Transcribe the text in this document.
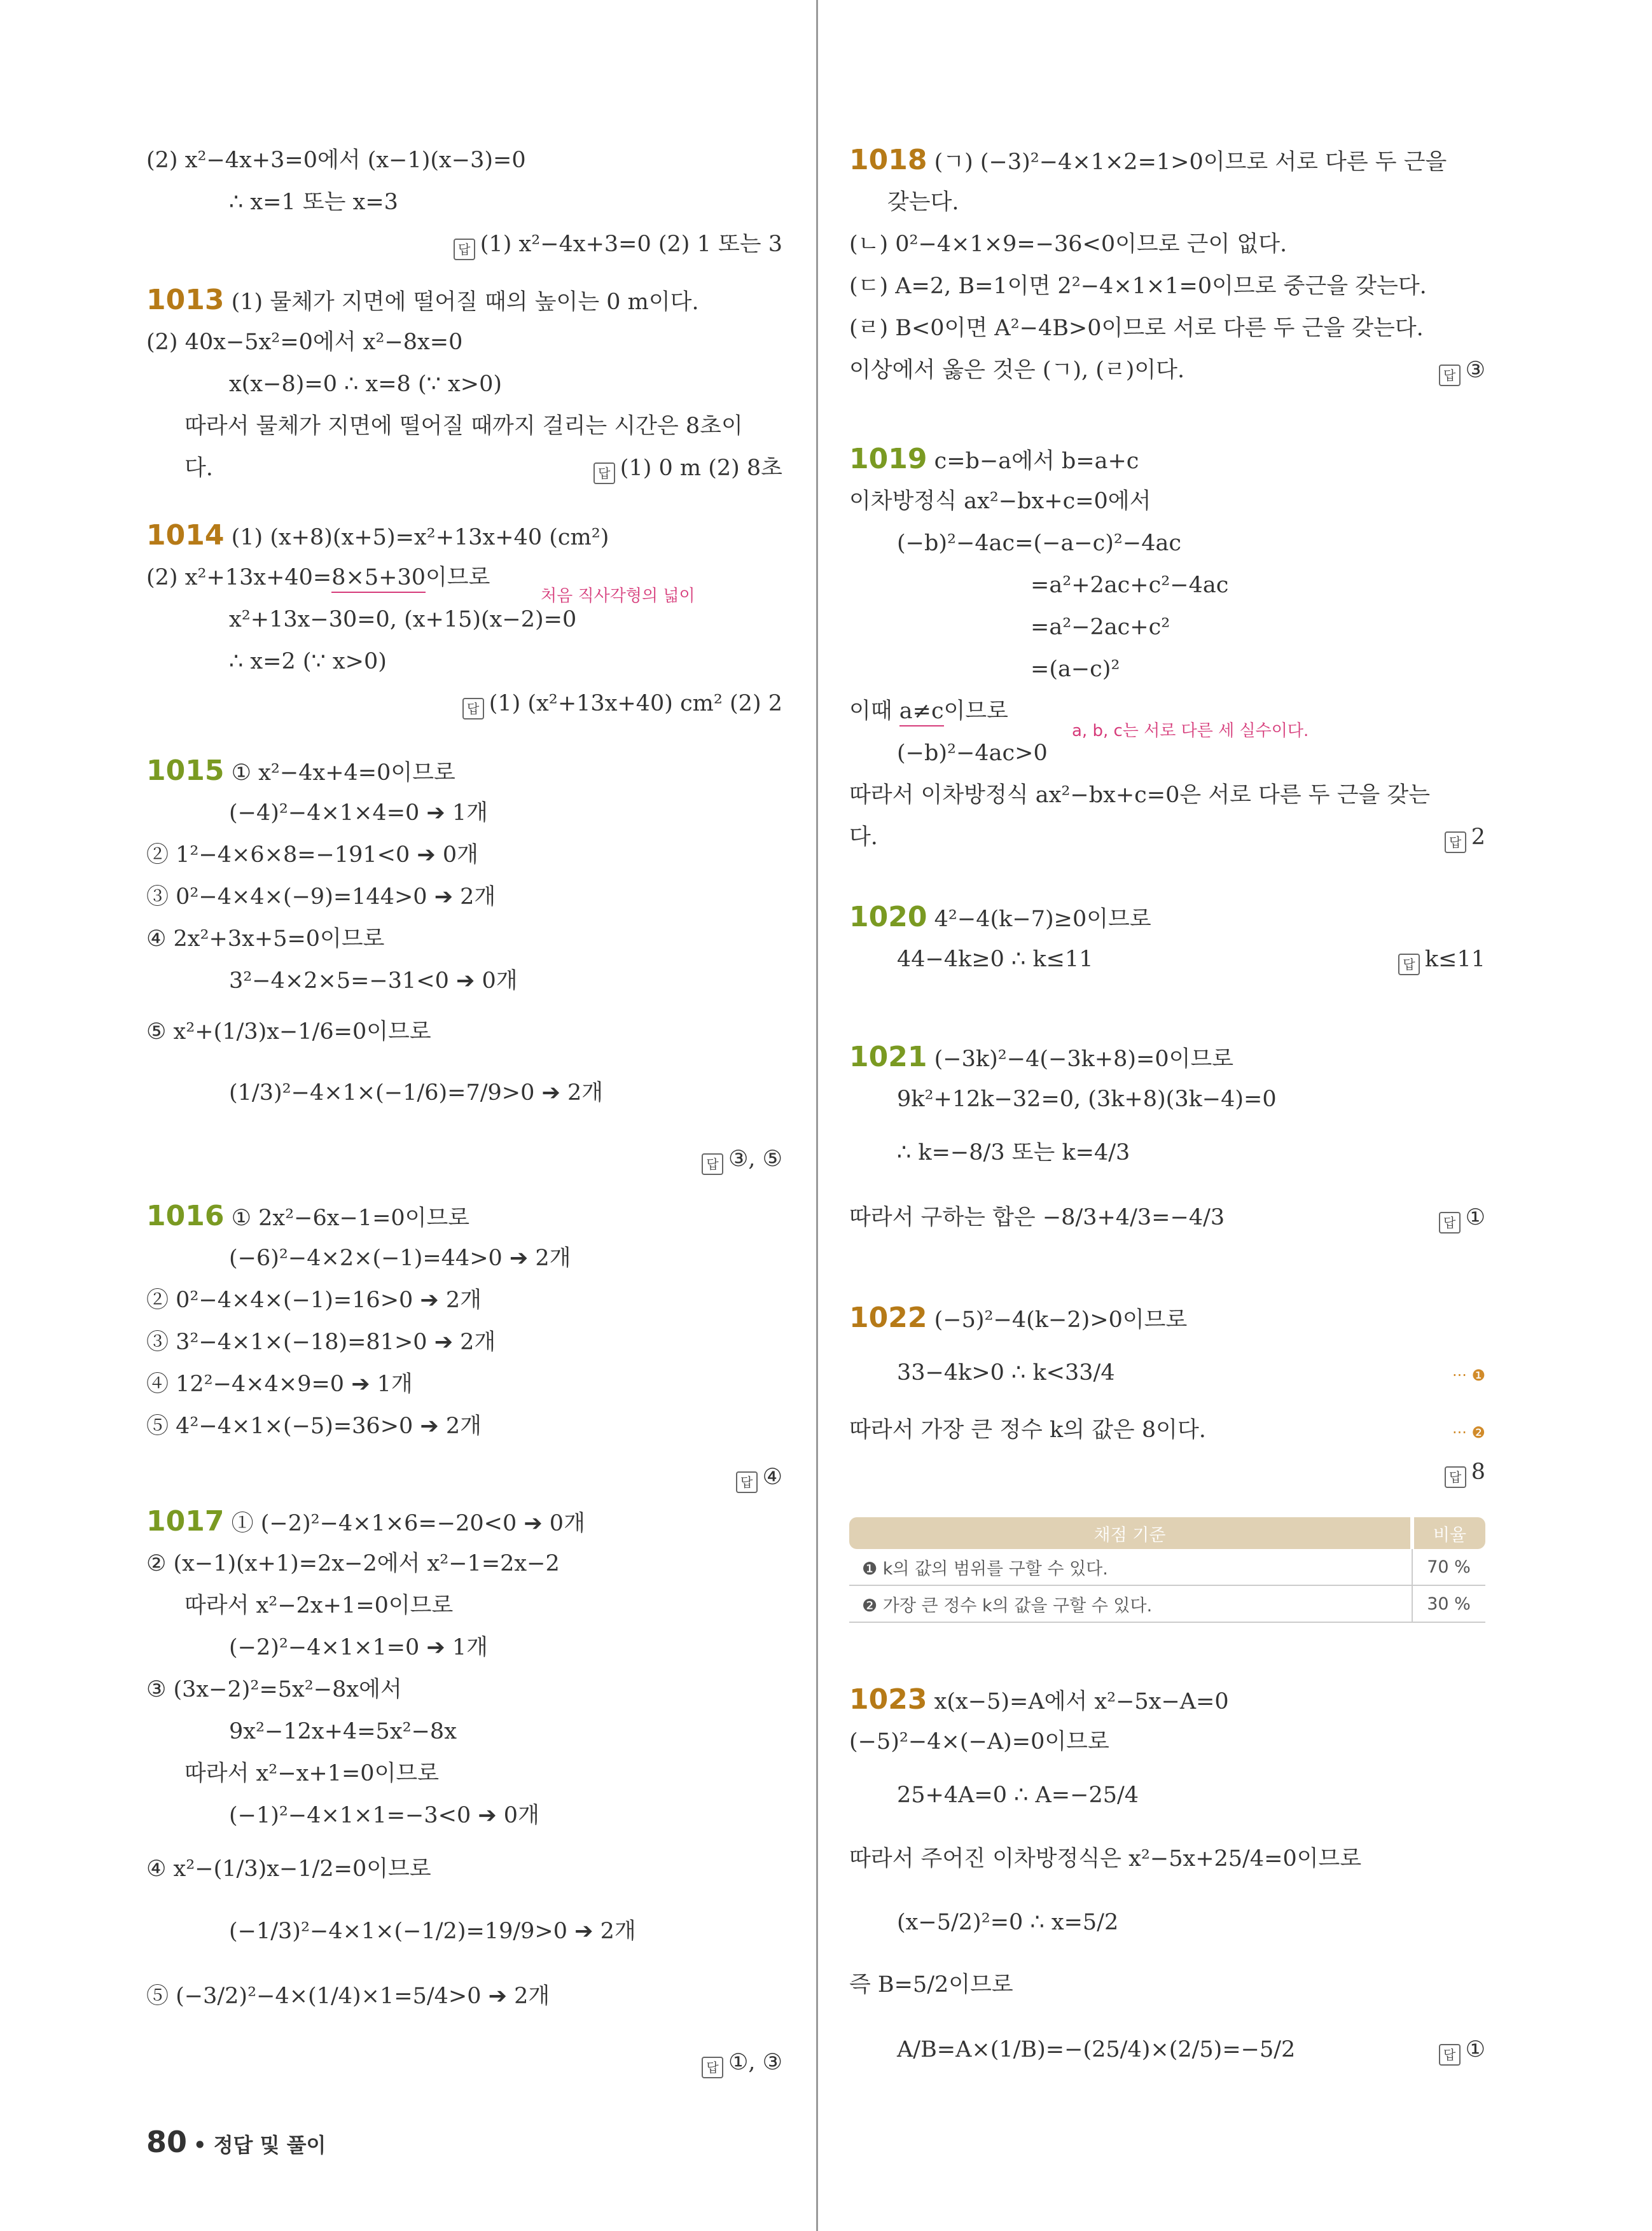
(2) x²−4x+3=0에서 (x−1)(x−3)=0
∴ x=1 또는 x=3
답 (1) x²−4x+3=0 (2) 1 또는 3
1013 (1) 물체가 지면에 떨어질 때의 높이는 0 m이다.
(2) 40x−5x²=0에서 x²−8x=0
x(x−8)=0 ∴ x=8 (∵ x>0)
따라서 물체가 지면에 떨어질 때까지 걸리는 시간은 8초이
다.	답 (1) 0 m (2) 8초
1014 (1) (x+8)(x+5)=x²+13x+40 (cm²)
(2) x²+13x+40=8×5+30이므로
처음 직사각형의 넓이
x²+13x−30=0, (x+15)(x−2)=0
∴ x=2 (∵ x>0)
답 (1) (x²+13x+40) cm² (2) 2
1015 ① x²−4x+4=0이므로
(−4)²−4×1×4=0 ➔ 1개
② 1²−4×6×8=−191<0 ➔ 0개
③ 0²−4×4×(−9)=144>0 ➔ 2개
④ 2x²+3x+5=0이므로
3²−4×2×5=−31<0 ➔ 0개
⑤ x²+(1/3)x−1/6=0이므로
(1/3)²−4×1×(−1/6)=7/9>0 ➔ 2개
답 ③, ⑤
1016 ① 2x²−6x−1=0이므로
(−6)²−4×2×(−1)=44>0 ➔ 2개
② 0²−4×4×(−1)=16>0 ➔ 2개
③ 3²−4×1×(−18)=81>0 ➔ 2개
④ 12²−4×4×9=0 ➔ 1개
⑤ 4²−4×1×(−5)=36>0 ➔ 2개
답 ④
1017 ① (−2)²−4×1×6=−20<0 ➔ 0개
② (x−1)(x+1)=2x−2에서 x²−1=2x−2
따라서 x²−2x+1=0이므로
(−2)²−4×1×1=0 ➔ 1개
③ (3x−2)²=5x²−8x에서
9x²−12x+4=5x²−8x
따라서 x²−x+1=0이므로
(−1)²−4×1×1=−3<0 ➔ 0개
④ x²−(1/3)x−1/2=0이므로
(−1/3)²−4×1×(−1/2)=19/9>0 ➔ 2개
⑤ (−3/2)²−4×(1/4)×1=5/4>0 ➔ 2개
답 ①, ③
1018 (ㄱ) (−3)²−4×1×2=1>0이므로 서로 다른 두 근을
갖는다.
(ㄴ) 0²−4×1×9=−36<0이므로 근이 없다.
(ㄷ) A=2, B=1이면 2²−4×1×1=0이므로 중근을 갖는다.
(ㄹ) B<0이면 A²−4B>0이므로 서로 다른 두 근을 갖는다.
이상에서 옳은 것은 (ㄱ), (ㄹ)이다.	답 ③
1019 c=b−a에서 b=a+c
이차방정식 ax²−bx+c=0에서
(−b)²−4ac=(−a−c)²−4ac
=a²+2ac+c²−4ac
=a²−2ac+c²
=(a−c)²
이때 a≠c이므로
a, b, c는 서로 다른 세 실수이다.
(−b)²−4ac>0
따라서 이차방정식 ax²−bx+c=0은 서로 다른 두 근을 갖는
다.	답 2
1020 4²−4(k−7)≥0이므로
44−4k≥0 ∴ k≤11	답 k≤11
1021 (−3k)²−4(−3k+8)=0이므로
9k²+12k−32=0, (3k+8)(3k−4)=0
∴ k=−8/3 또는 k=4/3
따라서 구하는 합은 −8/3+4/3=−4/3	답 ①
1022 (−5)²−4(k−2)>0이므로
33−4k>0 ∴ k<33/4	··· ❶
따라서 가장 큰 정수 k의 값은 8이다.	··· ❷
답 8
채점 기준	비율
❶ k의 값의 범위를 구할 수 있다.	70 %
❷ 가장 큰 정수 k의 값을 구할 수 있다.	30 %
1023 x(x−5)=A에서 x²−5x−A=0
(−5)²−4×(−A)=0이므로
25+4A=0 ∴ A=−25/4
따라서 주어진 이차방정식은 x²−5x+25/4=0이므로
(x−5/2)²=0 ∴ x=5/2
즉 B=5/2이므로
A/B=A×(1/B)=−(25/4)×(2/5)=−5/2	답 ①
80 • 정답 및 풀이
